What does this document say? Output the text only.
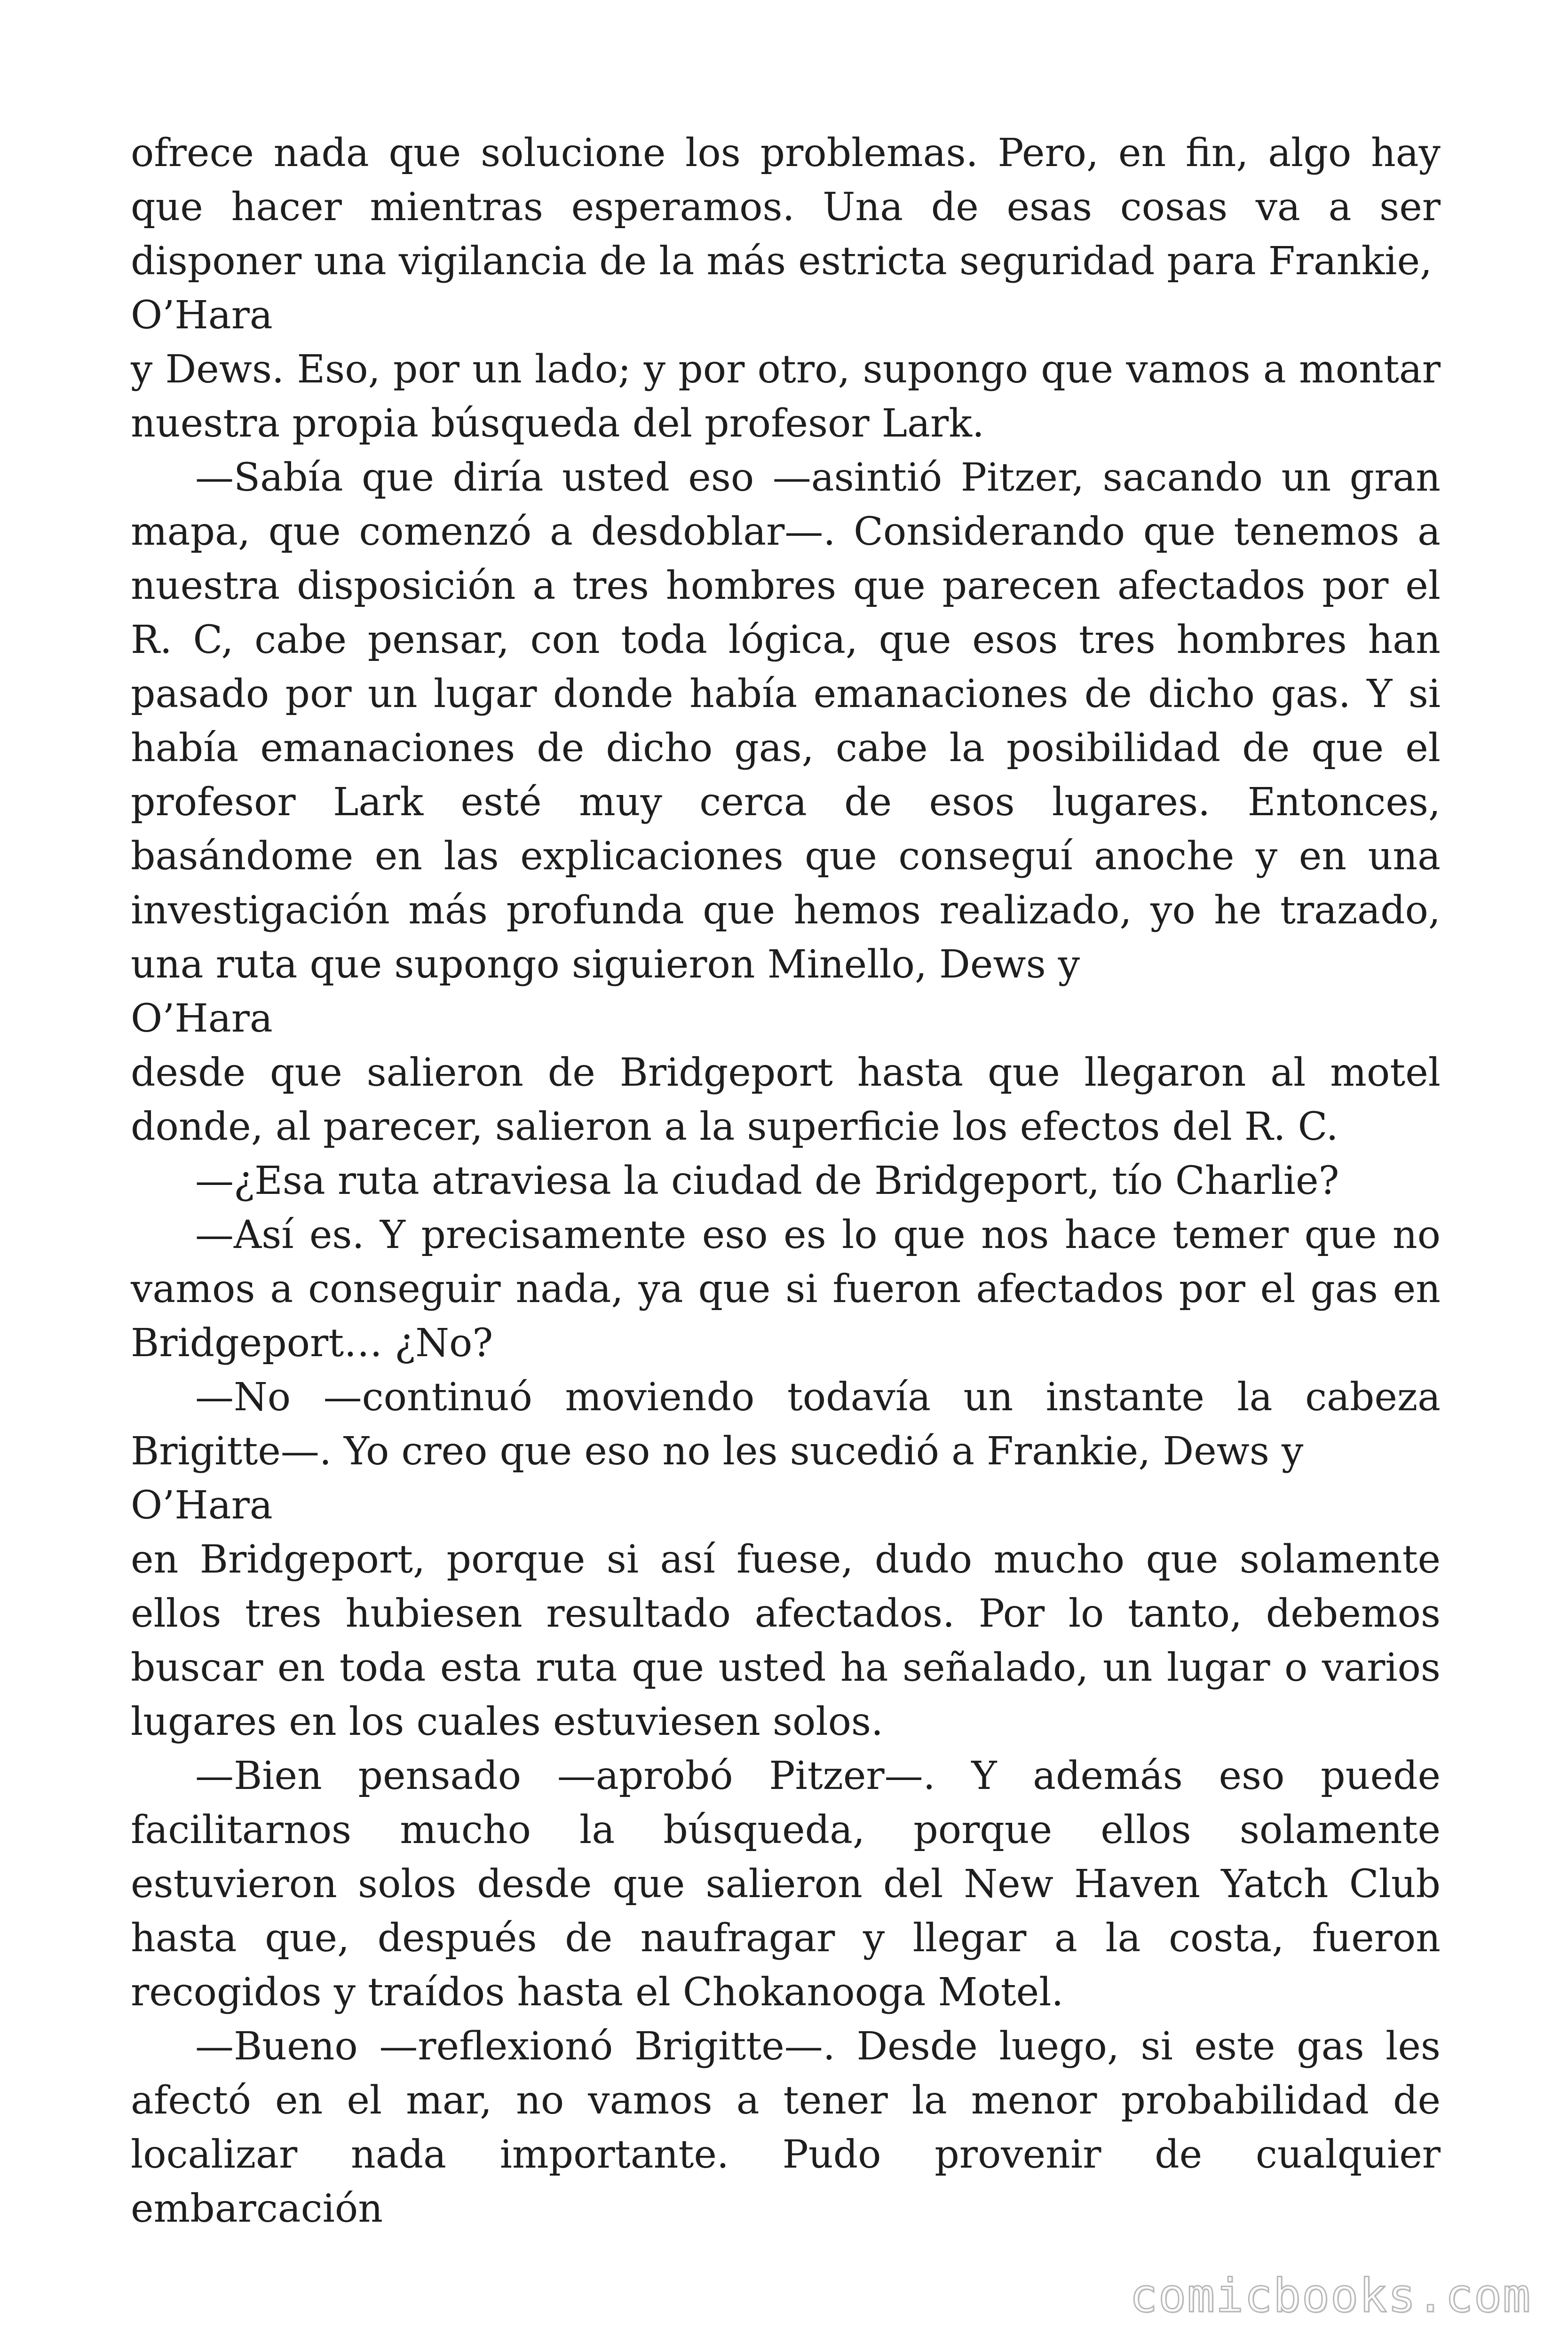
ofrece nada que solucione los problemas. Pero, en fin, algo hay que hacer mientras esperamos. Una de esas cosas va a ser disponer una vigilancia de la más estricta seguridad para Frankie,

O’Hara

y Dews. Eso, por un lado; y por otro, supongo que vamos a montar nuestra propia búsqueda del profesor Lark.

—Sabía que diría usted eso —asintió Pitzer, sacando un gran mapa, que comenzó a desdoblar—. Considerando que tenemos a nuestra disposición a tres hombres que parecen afectados por el R. C, cabe pensar, con toda lógica, que esos tres hombres han pasado por un lugar donde había emanaciones de dicho gas. Y si había emanaciones de dicho gas, cabe la posibilidad de que el profesor Lark esté muy cerca de esos lugares. Entonces, basándome en las explicaciones que conseguí anoche y en una investigación más profunda que hemos realizado, yo he trazado, una ruta que supongo siguieron Minello, Dews y

O’Hara

desde que salieron de Bridgeport hasta que llegaron al motel donde, al parecer, salieron a la superficie los efectos del R. C.

—¿Esa ruta atraviesa la ciudad de Bridgeport, tío Charlie?

—Así es. Y precisamente eso es lo que nos hace temer que no vamos a conseguir nada, ya que si fueron afectados por el gas en Bridgeport… ¿No?

—No —continuó moviendo todavía un instante la cabeza Brigitte—. Yo creo que eso no les sucedió a Frankie, Dews y

O’Hara

en Bridgeport, porque si así fuese, dudo mucho que solamente ellos tres hubiesen resultado afectados. Por lo tanto, debemos buscar en toda esta ruta que usted ha señalado, un lugar o varios lugares en los cuales estuviesen solos.

—Bien pensado —aprobó Pitzer—. Y además eso puede facilitarnos mucho la búsqueda, porque ellos solamente estuvieron solos desde que salieron del New Haven Yatch Club hasta que, después de naufragar y llegar a la costa, fueron recogidos y traídos hasta el Chokanooga Motel.

—Bueno —reflexionó Brigitte—. Desde luego, si este gas les afectó en el mar, no vamos a tener la menor probabilidad de localizar nada importante. Pudo provenir de cualquier embarcación

comicbooks.com
